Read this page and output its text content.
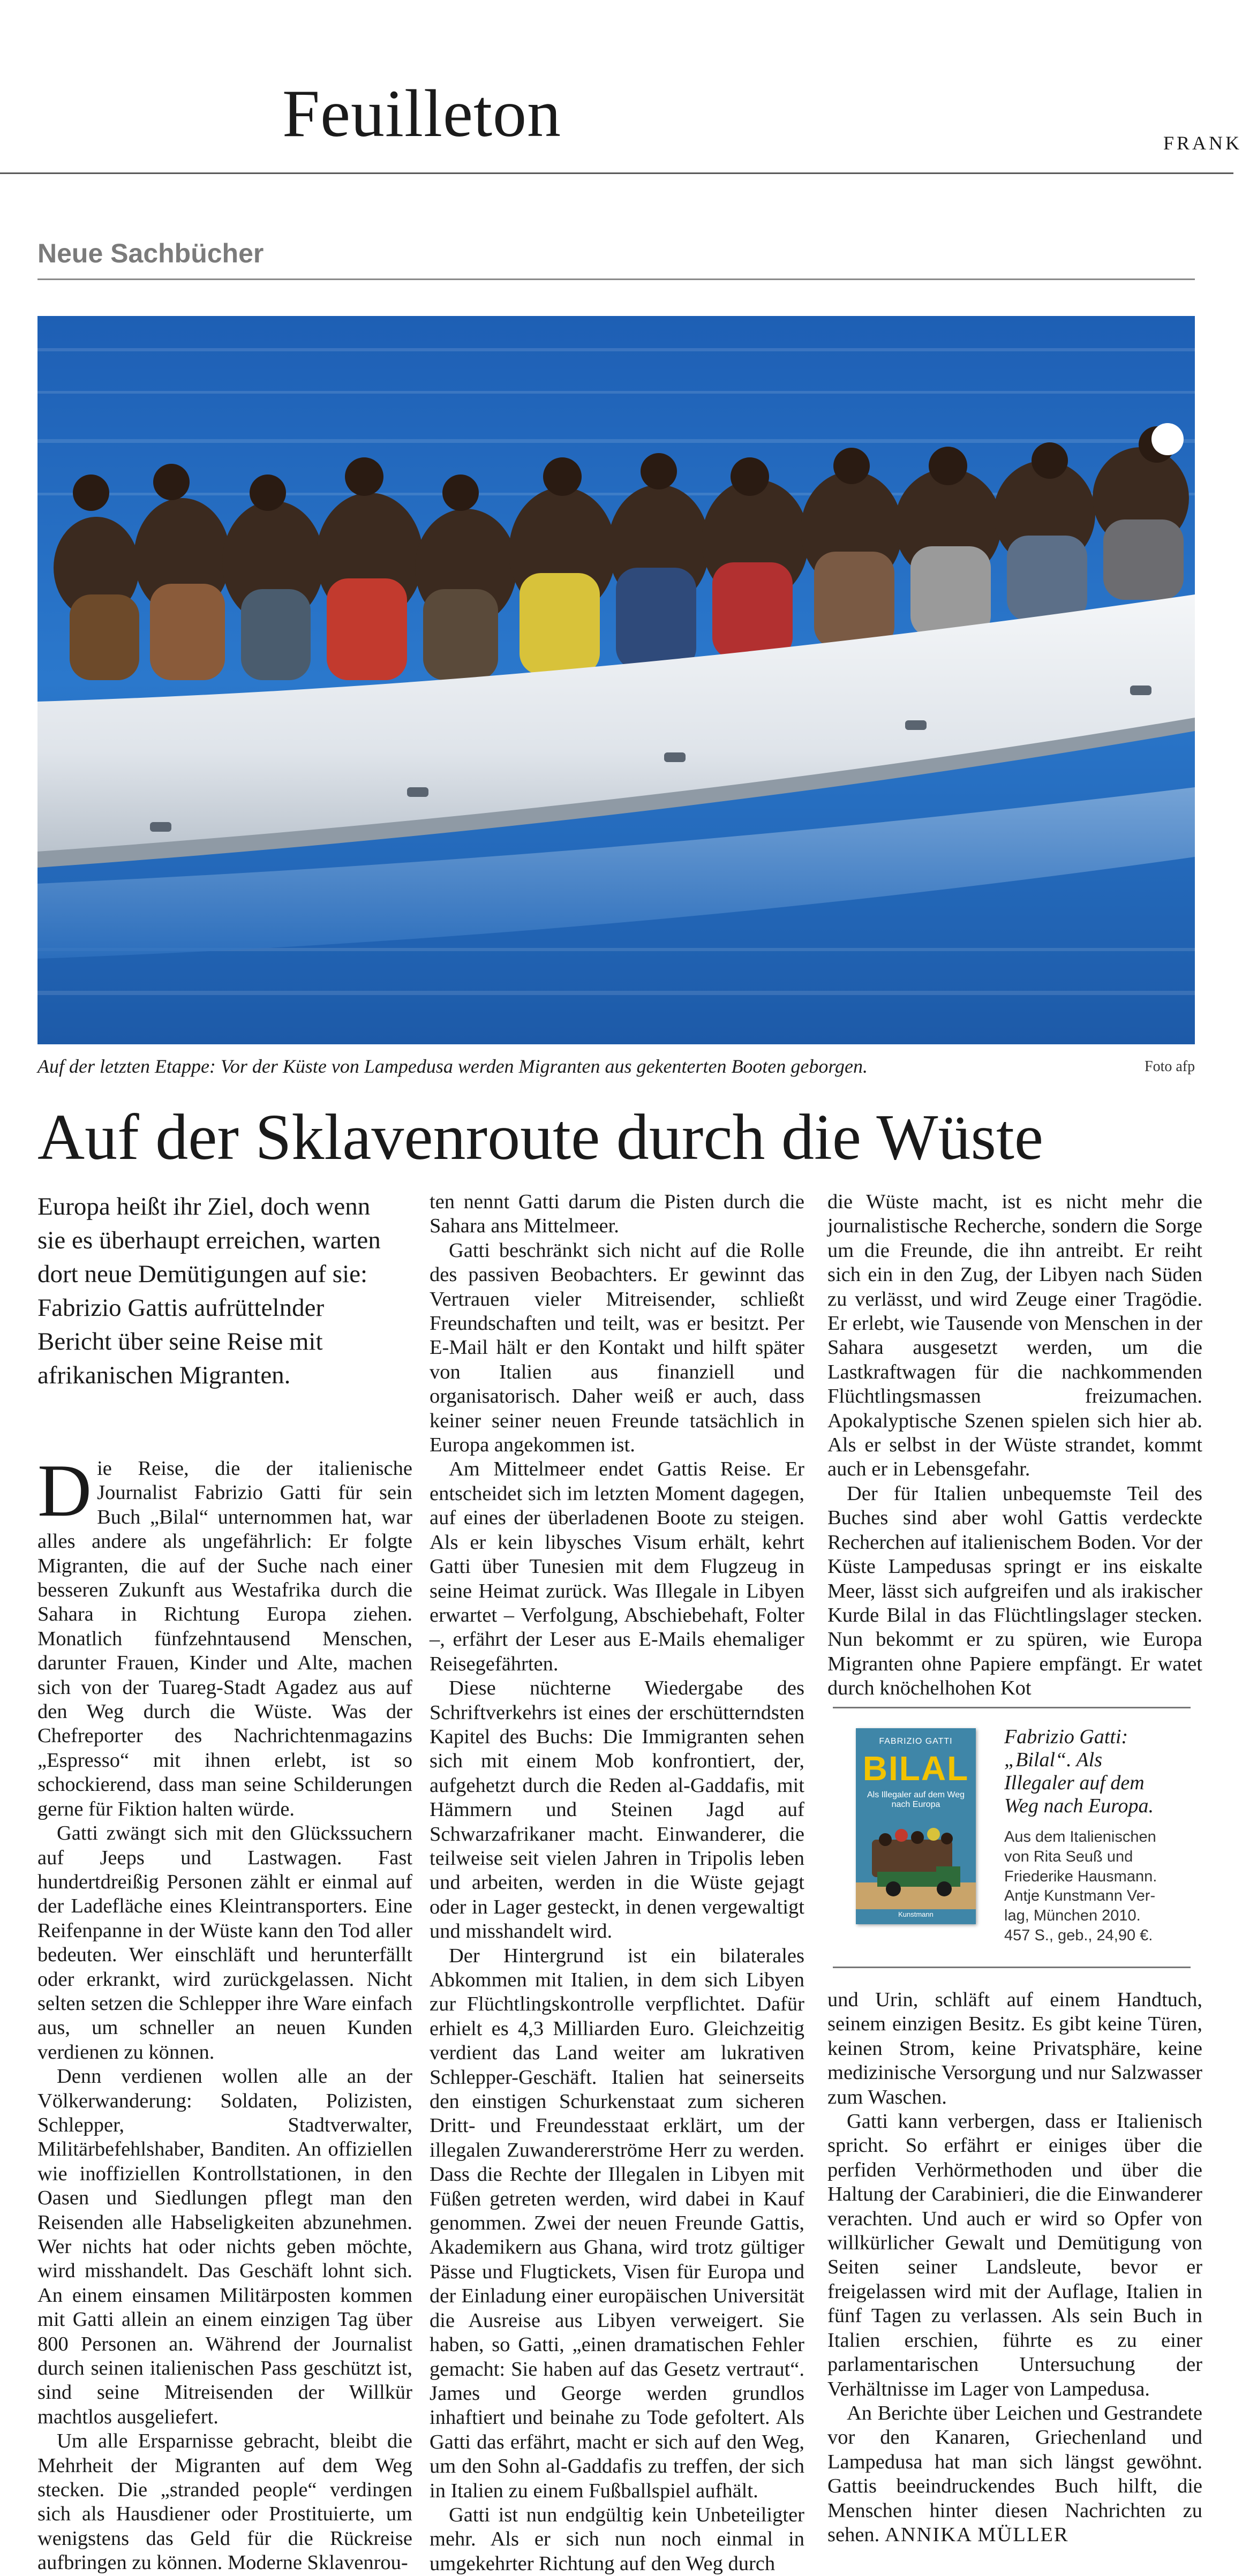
Feuilleton	FRANK
Neue Sachbücher
Auf der letzten Etappe: Vor der Küste von Lampedusa werden Migranten aus gekenterten Booten geborgen.	Foto afp
Auf der Sklavenroute durch die Wüste
Europa heißt ihr Ziel, doch wenn sie es überhaupt erreichen, warten dort neue Demütigungen auf sie: Fabrizio Gattis aufrüttelnder Bericht über seine Reise mit afrikanischen Migranten.

Die Reise, die der italienische Journalist Fabrizio Gatti für sein Buch „Bilal“ unternommen hat, war alles andere als ungefährlich: Er folgte Migranten, die auf der Suche nach einer besseren Zukunft aus Westafrika durch die Sahara in Richtung Europa ziehen. Monatlich fünfzehntausend Menschen, darunter Frauen, Kinder und Alte, machen sich von der Tuareg-Stadt Agadez aus auf den Weg durch die Wüste. Was der Chefreporter des Nachrichtenmagazins „Espresso“ mit ihnen erlebt, ist so schockierend, dass man seine Schilderungen gerne für Fiktion halten würde.

Gatti zwängt sich mit den Glückssuchern auf Jeeps und Lastwagen. Fast hundertdreißig Personen zählt er einmal auf der Ladefläche eines Kleintransporters. Eine Reifenpanne in der Wüste kann den Tod aller bedeuten. Wer einschläft und herunterfällt oder erkrankt, wird zurückgelassen. Nicht selten setzen die Schlepper ihre Ware einfach aus, um schneller an neuen Kunden verdienen zu können.

Denn verdienen wollen alle an der Völkerwanderung: Soldaten, Polizisten, Schlepper, Stadtverwalter, Militärbefehlshaber, Banditen. An offiziellen wie inoffiziellen Kontrollstationen, in den Oasen und Siedlungen pflegt man den Reisenden alle Habseligkeiten abzunehmen. Wer nichts hat oder nichts geben möchte, wird misshandelt. Das Geschäft lohnt sich. An einem einsamen Militärposten kommen mit Gatti allein an einem einzigen Tag über 800 Personen an. Während der Journalist durch seinen italienischen Pass geschützt ist, sind seine Mitreisenden der Willkür machtlos ausgeliefert.

Um alle Ersparnisse gebracht, bleibt die Mehrheit der Migranten auf dem Weg stecken. Die „stranded people“ verdingen sich als Hausdiener oder Prostituierte, um wenigstens das Geld für die Rückreise aufbringen zu können. Moderne Sklavenrou-

ten nennt Gatti darum die Pisten durch die Sahara ans Mittelmeer.

Gatti beschränkt sich nicht auf die Rolle des passiven Beobachters. Er gewinnt das Vertrauen vieler Mitreisender, schließt Freundschaften und teilt, was er besitzt. Per E-Mail hält er den Kontakt und hilft später von Italien aus finanziell und organisatorisch. Daher weiß er auch, dass keiner seiner neuen Freunde tatsächlich in Europa angekommen ist.

Am Mittelmeer endet Gattis Reise. Er entscheidet sich im letzten Moment dagegen, auf eines der überladenen Boote zu steigen. Als er kein libysches Visum erhält, kehrt Gatti über Tunesien mit dem Flugzeug in seine Heimat zurück. Was Illegale in Libyen erwartet – Verfolgung, Abschiebehaft, Folter –, erfährt der Leser aus E-Mails ehemaliger Reisegefährten.

Diese nüchterne Wiedergabe des Schriftverkehrs ist eines der erschütterndsten Kapitel des Buchs: Die Immigranten sehen sich mit einem Mob konfrontiert, der, aufgehetzt durch die Reden al-Gaddafis, mit Hämmern und Steinen Jagd auf Schwarzafrikaner macht. Einwanderer, die teilweise seit vielen Jahren in Tripolis leben und arbeiten, werden in die Wüste gejagt oder in Lager gesteckt, in denen vergewaltigt und misshandelt wird.

Der Hintergrund ist ein bilaterales Abkommen mit Italien, in dem sich Libyen zur Flüchtlingskontrolle verpflichtet. Dafür erhielt es 4,3 Milliarden Euro. Gleichzeitig verdient das Land weiter am lukrativen Schlepper-Geschäft. Italien hat seinerseits den einstigen Schurkenstaat zum sicheren Dritt- und Freundesstaat erklärt, um der illegalen Zuwandererströme Herr zu werden. Dass die Rechte der Illegalen in Libyen mit Füßen getreten werden, wird dabei in Kauf genommen. Zwei der neuen Freunde Gattis, Akademikern aus Ghana, wird trotz gültiger Pässe und Flugtickets, Visen für Europa und der Einladung einer europäischen Universität die Ausreise aus Libyen verweigert. Sie haben, so Gatti, „einen dramatischen Fehler gemacht: Sie haben auf das Gesetz vertraut“. James und George werden grundlos inhaftiert und beinahe zu Tode gefoltert. Als Gatti das erfährt, macht er sich auf den Weg, um den Sohn al-Gaddafis zu treffen, der sich in Italien zu einem Fußballspiel aufhält.

Gatti ist nun endgültig kein Unbeteiligter mehr. Als er sich nun noch einmal in umgekehrter Richtung auf den Weg durch

die Wüste macht, ist es nicht mehr die journalistische Recherche, sondern die Sorge um die Freunde, die ihn antreibt. Er reiht sich ein in den Zug, der Libyen nach Süden zu verlässt, und wird Zeuge einer Tragödie. Er erlebt, wie Tausende von Menschen in der Sahara ausgesetzt werden, um die Lastkraftwagen für die nachkommenden Flüchtlingsmassen freizumachen. Apokalyptische Szenen spielen sich hier ab. Als er selbst in der Wüste strandet, kommt auch er in Lebensgefahr.

Der für Italien unbequemste Teil des Buches sind aber wohl Gattis verdeckte Recherchen auf italienischem Boden. Vor der Küste Lampedusas springt er ins eiskalte Meer, lässt sich aufgreifen und als irakischer Kurde Bilal in das Flüchtlingslager stecken. Nun bekommt er zu spüren, wie Europa Migranten ohne Papiere empfängt. Er watet durch knöchelhohen Kot

FABRIZIO GATTI
BILAL
Als Illegaler auf dem Weg nach Europa
Kunstmann
Fabrizio Gatti:
„Bilal“. Als
Illegaler auf dem
Weg nach Europa.
Aus dem Italienischen
von Rita Seuß und
Friederike Hausmann.
Antje Kunstmann Ver-
lag, München 2010.
457 S., geb., 24,90 €.

und Urin, schläft auf einem Handtuch, seinem einzigen Besitz. Es gibt keine Türen, keinen Strom, keine Privatsphäre, keine medizinische Versorgung und nur Salzwasser zum Waschen.

Gatti kann verbergen, dass er Italienisch spricht. So erfährt er einiges über die perfiden Verhörmethoden und über die Haltung der Carabinieri, die die Einwanderer verachten. Und auch er wird so Opfer von willkürlicher Gewalt und Demütigung von Seiten seiner Landsleute, bevor er freigelassen wird mit der Auflage, Italien in fünf Tagen zu verlassen. Als sein Buch in Italien erschien, führte es zu einer parlamentarischen Untersuchung der Verhältnisse im Lager von Lampedusa.

An Berichte über Leichen und Gestrandete vor den Kanaren, Griechenland und Lampedusa hat man sich längst gewöhnt. Gattis beeindruckendes Buch hilft, die Menschen hinter diesen Nachrichten zu sehen. ANNIKA MÜLLER
